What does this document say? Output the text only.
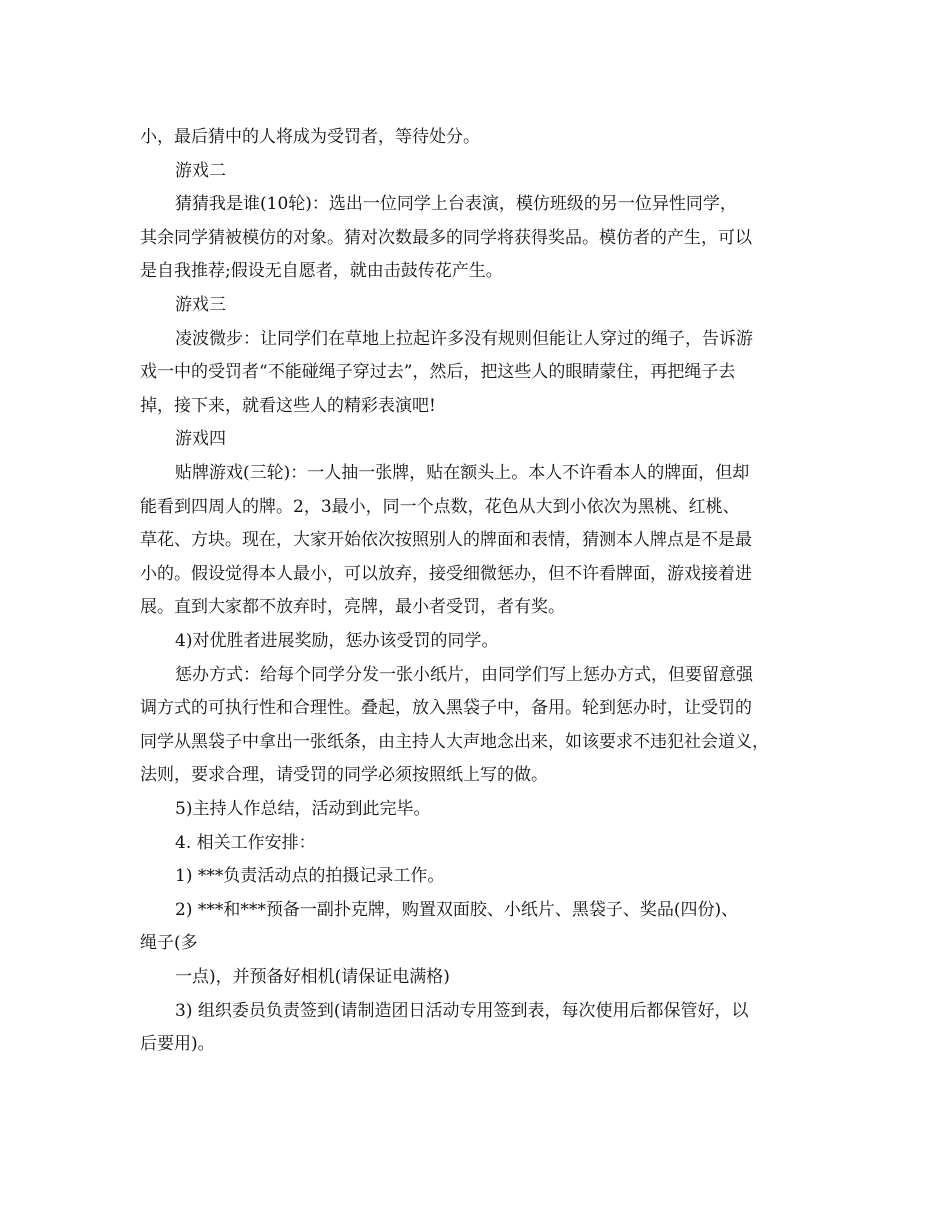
小，最后猜中的人将成为受罚者，等待处分。
游戏二
猜猜我是谁(10轮)：选出一位同学上台表演，模仿班级的另一位异性同学，
其余同学猜被模仿的对象。猜对次数最多的同学将获得奖品。模仿者的产生，可以
是自我推荐;假设无自愿者，就由击鼓传花产生。
游戏三
凌波微步：让同学们在草地上拉起许多没有规则但能让人穿过的绳子，告诉游
戏一中的受罚者“不能碰绳子穿过去”，然后，把这些人的眼睛蒙住，再把绳子去
掉，接下来，就看这些人的精彩表演吧!
游戏四
贴牌游戏(三轮)：一人抽一张牌，贴在额头上。本人不许看本人的牌面，但却
能看到四周人的牌。2，3最小，同一个点数，花色从大到小依次为黑桃、红桃、
草花、方块。现在，大家开始依次按照别人的牌面和表情，猜测本人牌点是不是最
小的。假设觉得本人最小，可以放弃，接受细微惩办，但不许看牌面，游戏接着进
展。直到大家都不放弃时，亮牌，最小者受罚，者有奖。
4)对优胜者进展奖励，惩办该受罚的同学。
惩办方式：给每个同学分发一张小纸片，由同学们写上惩办方式，但要留意强
调方式的可执行性和合理性。叠起，放入黑袋子中，备用。轮到惩办时，让受罚的
同学从黑袋子中拿出一张纸条，由主持人大声地念出来，如该要求不违犯社会道义，
法则，要求合理，请受罚的同学必须按照纸上写的做。
5)主持人作总结，活动到此完毕。
4. 相关工作安排：
1) ***负责活动点的拍摄记录工作。
2) ***和***预备一副扑克牌，购置双面胶、小纸片、黑袋子、奖品(四份)、
绳子(多
一点)，并预备好相机(请保证电满格)
3) 组织委员负责签到(请制造团日活动专用签到表，每次使用后都保管好，以
后要用)。
